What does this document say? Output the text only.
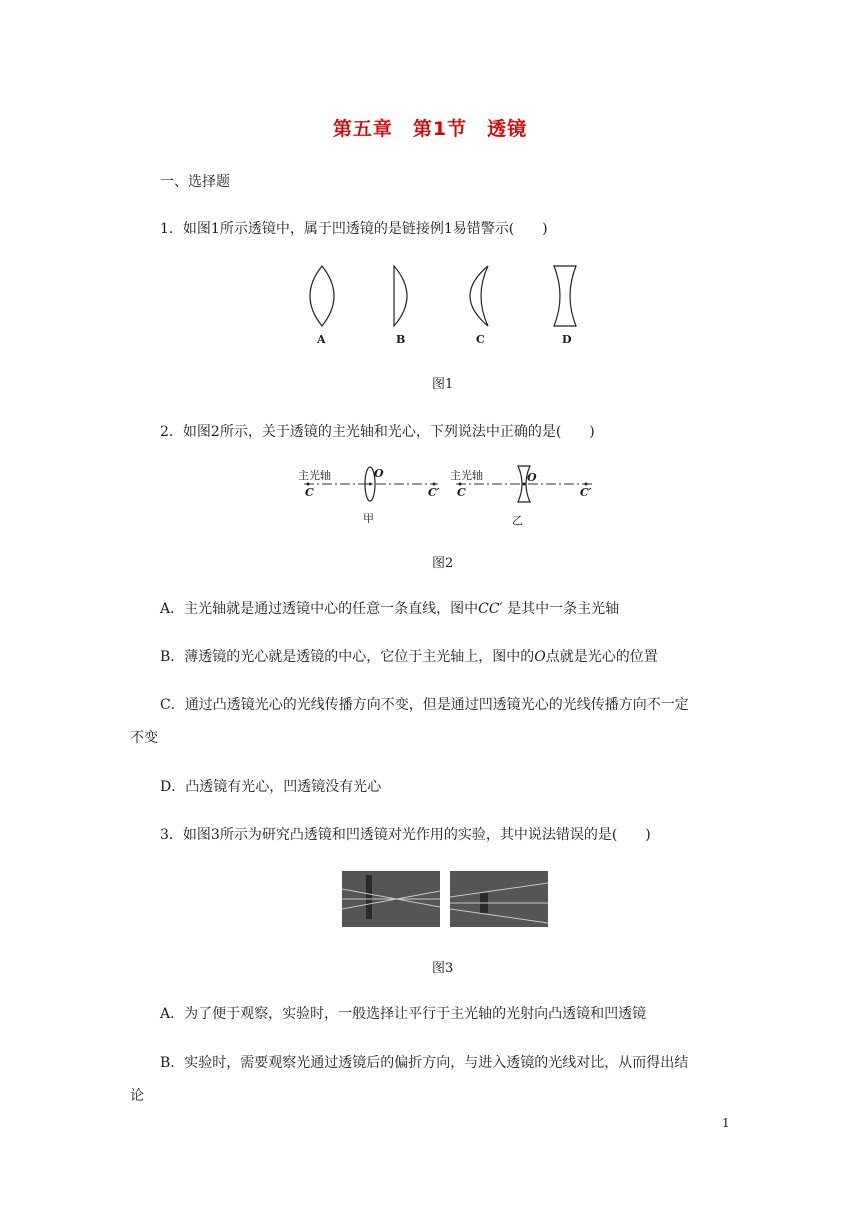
第五章　第1节　透镜
一、选择题
1．如图1所示透镜中，属于凹透镜的是链接例1易错警示(　　)
A	B	C	D
图1
2．如图2所示，关于透镜的主光轴和光心，下列说法中正确的是(　　)
主光轴	主光轴
O	O
C	C′ C	C′
甲	乙
图2
A．主光轴就是通过透镜中心的任意一条直线，图中CC′ 是其中一条主光轴
B．薄透镜的光心就是透镜的中心，它位于主光轴上，图中的O点就是光心的位置
C．通过凸透镜光心的光线传播方向不变，但是通过凹透镜光心的光线传播方向不一定
不变
D．凸透镜有光心，凹透镜没有光心
3．如图3所示为研究凸透镜和凹透镜对光作用的实验，其中说法错误的是(　　)
图3
A．为了便于观察，实验时，一般选择让平行于主光轴的光射向凸透镜和凹透镜
B．实验时，需要观察光通过透镜后的偏折方向，与进入透镜的光线对比，从而得出结
论
1
